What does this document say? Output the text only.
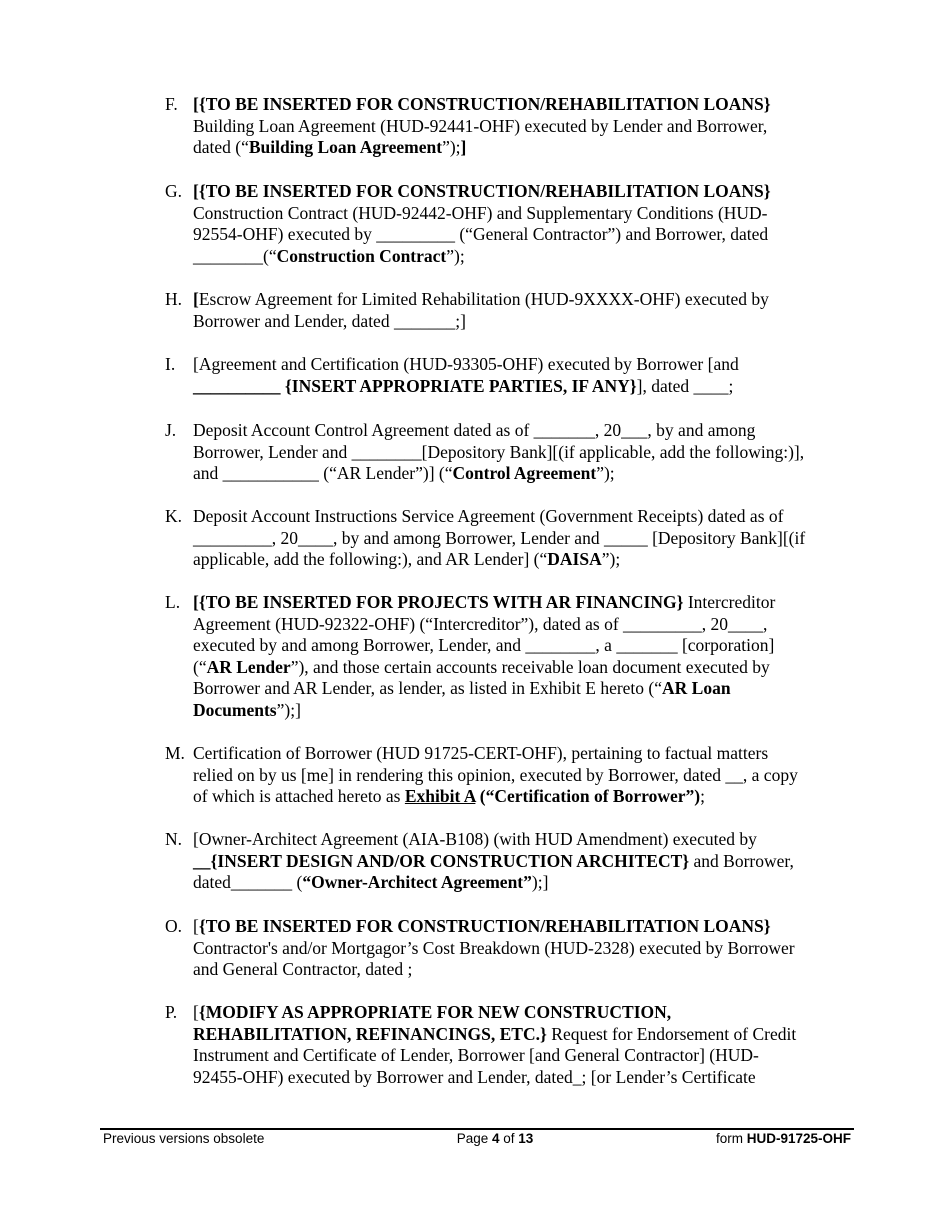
F. [{TO BE INSERTED FOR CONSTRUCTION/REHABILITATION LOANS}
Building Loan Agreement (HUD-92441-OHF) executed by Lender and Borrower,
dated (“Building Loan Agreement”);]
G. [{TO BE INSERTED FOR CONSTRUCTION/REHABILITATION LOANS}
Construction Contract (HUD-92442-OHF) and Supplementary Conditions (HUD-
92554-OHF) executed by _________ (“General Contractor”) and Borrower, dated
________(“Construction Contract”);
H. [Escrow Agreement for Limited Rehabilitation (HUD-9XXXX-OHF) executed by
Borrower and Lender, dated _______;]
I. [Agreement and Certification (HUD-93305-OHF) executed by Borrower [and
__________ {INSERT APPROPRIATE PARTIES, IF ANY}], dated ____;
J. Deposit Account Control Agreement dated as of _______, 20___, by and among
Borrower, Lender and ________[Depository Bank][(if applicable, add the following:)],
and ___________ (“AR Lender”)] (“Control Agreement”);
K. Deposit Account Instructions Service Agreement (Government Receipts) dated as of
_________, 20____, by and among Borrower, Lender and _____ [Depository Bank][(if
applicable, add the following:), and AR Lender] (“DAISA”);
L. [{TO BE INSERTED FOR PROJECTS WITH AR FINANCING} Intercreditor
Agreement (HUD-92322-OHF) (“Intercreditor”), dated as of _________, 20____,
executed by and among Borrower, Lender, and ________, a _______ [corporation]
(“AR Lender”), and those certain accounts receivable loan document executed by
Borrower and AR Lender, as lender, as listed in Exhibit E hereto (“AR Loan
Documents”);]
M. Certification of Borrower (HUD 91725-CERT-OHF), pertaining to factual matters
relied on by us [me] in rendering this opinion, executed by Borrower, dated __, a copy
of which is attached hereto as Exhibit A (“Certification of Borrower”);
N. [Owner-Architect Agreement (AIA-B108) (with HUD Amendment) executed by
__{INSERT DESIGN AND/OR CONSTRUCTION ARCHITECT} and Borrower,
dated_______ (“Owner-Architect Agreement”);]
O. [{TO BE INSERTED FOR CONSTRUCTION/REHABILITATION LOANS}
Contractor's and/or Mortgagor’s Cost Breakdown (HUD-2328) executed by Borrower
and General Contractor, dated ;
P. [{MODIFY AS APPROPRIATE FOR NEW CONSTRUCTION,
REHABILITATION, REFINANCINGS, ETC.} Request for Endorsement of Credit
Instrument and Certificate of Lender, Borrower [and General Contractor] (HUD-
92455-OHF) executed by Borrower and Lender, dated_; [or Lender’s Certificate
Previous versions obsolete	Page 4 of 13	form HUD-91725-OHF
